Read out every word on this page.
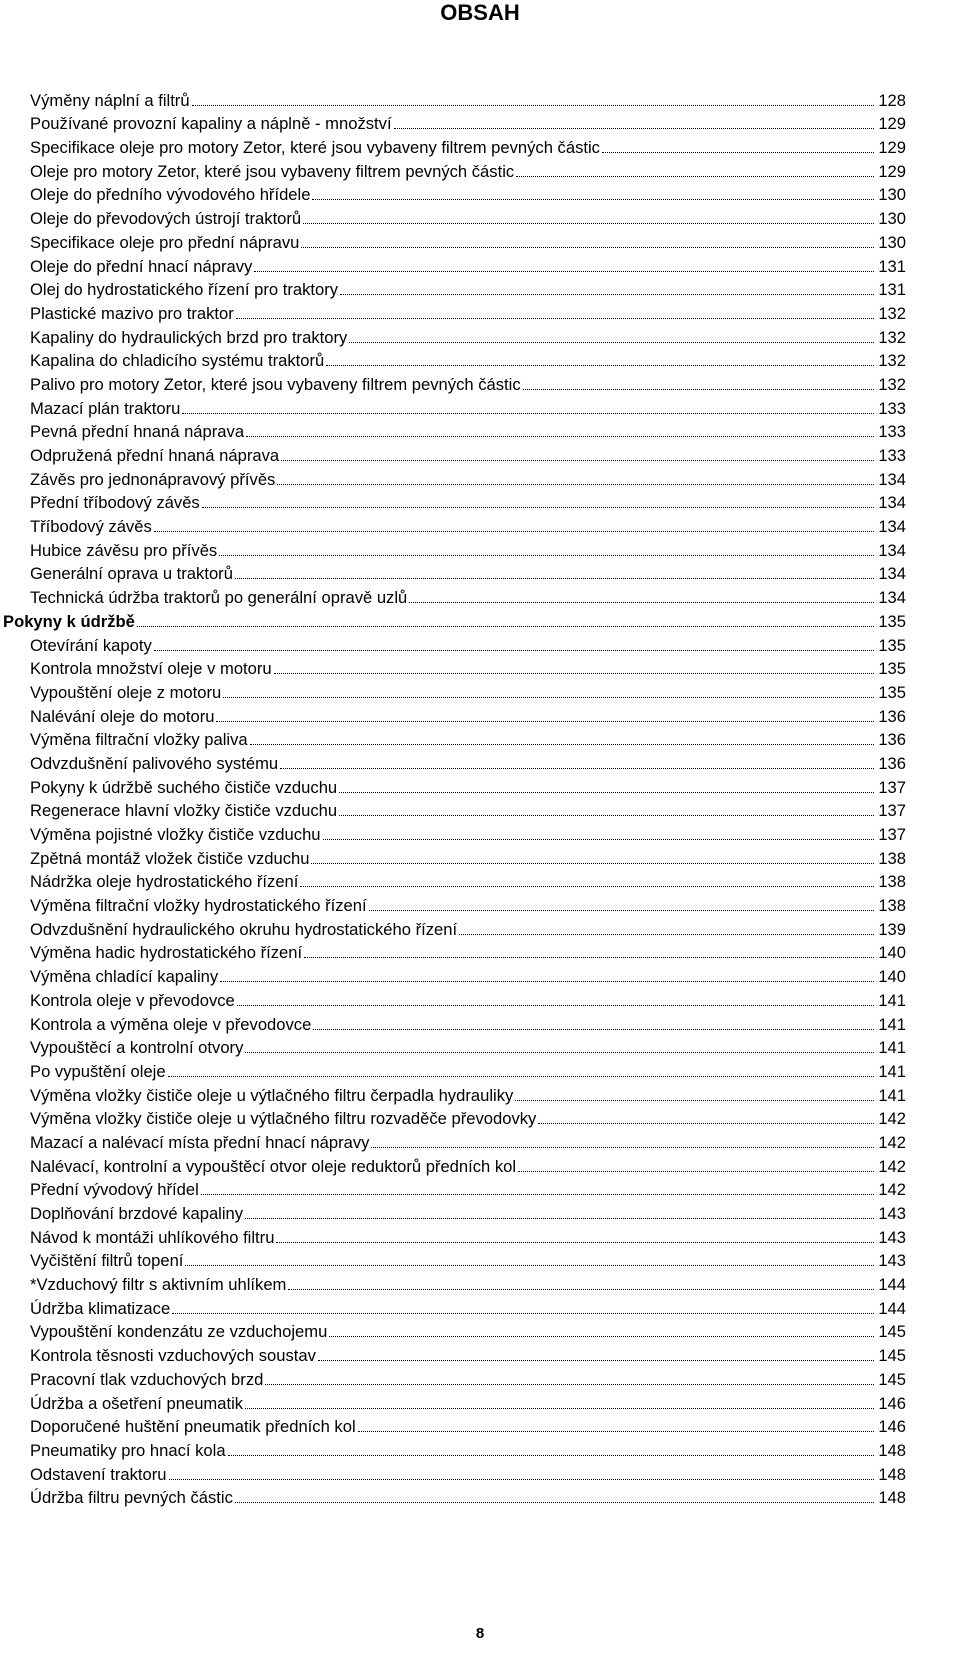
OBSAH
Výměny náplní a filtrů	128
Používané provozní kapaliny a náplně - množství	129
Specifikace oleje pro motory Zetor, které jsou vybaveny filtrem pevných částic	129
Oleje pro motory Zetor, které jsou vybaveny filtrem pevných částic	129
Oleje do předního vývodového hřídele	130
Oleje do převodových ústrojí traktorů	130
Specifikace oleje pro přední nápravu	130
Oleje do přední hnací nápravy	131
Olej do hydrostatického řízení pro traktory	131
Plastické mazivo pro traktor	132
Kapaliny do hydraulických brzd pro traktory	132
Kapalina do chladicího systému traktorů	132
Palivo pro motory Zetor, které jsou vybaveny filtrem pevných částic	132
Mazací plán traktoru	133
Pevná přední hnaná náprava	133
Odpružená přední hnaná náprava	133
Závěs pro jednonápravový přívěs	134
Přední tříbodový závěs	134
Tříbodový závěs	134
Hubice závěsu pro přívěs	134
Generální oprava u traktorů	134
Technická údržba traktorů po generální opravě uzlů	134
Pokyny k údržbě	135
Otevírání kapoty	135
Kontrola množství oleje v motoru	135
Vypouštění oleje z motoru	135
Nalévání oleje do motoru	136
Výměna filtrační vložky paliva	136
Odvzdušnění palivového systému	136
Pokyny k údržbě suchého čističe vzduchu	137
Regenerace hlavní vložky čističe vzduchu	137
Výměna pojistné vložky čističe vzduchu	137
Zpětná montáž vložek čističe vzduchu	138
Nádržka oleje hydrostatického řízení	138
Výměna filtrační vložky hydrostatického řízení	138
Odvzdušnění hydraulického okruhu hydrostatického řízení	139
Výměna hadic hydrostatického řízení	140
Výměna chladící kapaliny	140
Kontrola oleje v převodovce	141
Kontrola a výměna oleje v převodovce	141
Vypouštěcí a kontrolní otvory	141
Po vypuštění oleje	141
Výměna vložky čističe oleje u výtlačného filtru čerpadla hydrauliky	141
Výměna vložky čističe oleje u výtlačného filtru rozvaděče převodovky	142
Mazací a nalévací místa přední hnací nápravy	142
Nalévací, kontrolní a vypouštěcí otvor oleje reduktorů předních kol	142
Přední vývodový hřídel	142
Doplňování brzdové kapaliny	143
Návod k montáži uhlíkového filtru	143
Vyčištění filtrů topení	143
*Vzduchový filtr s aktivním uhlíkem	144
Údržba klimatizace	144
Vypouštění kondenzátu ze vzduchojemu	145
Kontrola těsnosti vzduchových soustav	145
Pracovní tlak vzduchových brzd	145
Údržba a ošetření pneumatik	146
Doporučené huštění pneumatik předních kol	146
Pneumatiky pro hnací kola	148
Odstavení traktoru	148
Údržba filtru pevných částic	148
8
